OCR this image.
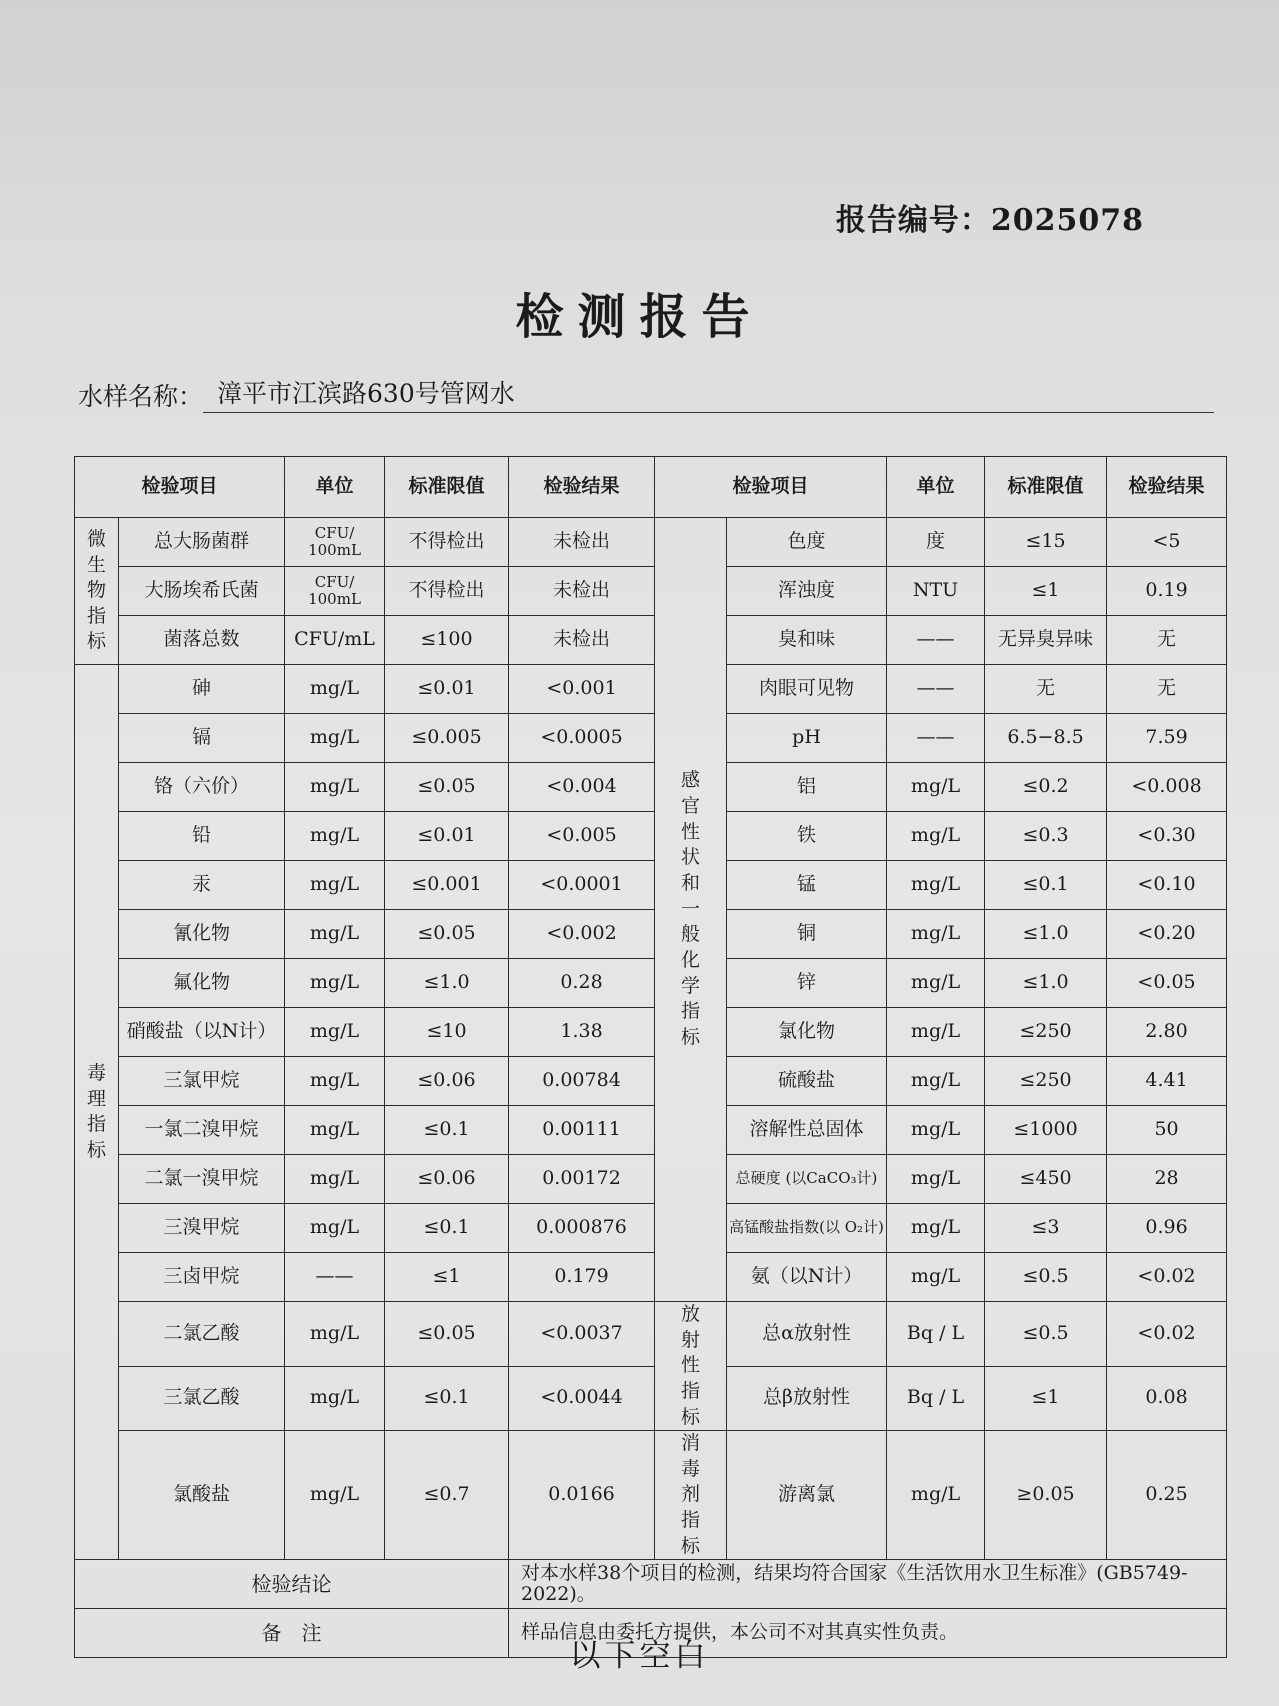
报告编号：2025078
检测报告
水样名称： 漳平市江滨路630号管网水
检验项目		单位	标准限值	检验结果	检验项目		单位	标准限值	检验结果

微生物指标	总大肠菌群	CFU/ 100mL	不得检出	未检出	感官性状和一般化学指标	色度	度	≤15	<5
	大肠埃希氏菌	CFU/ 100mL	不得检出	未检出		浑浊度	NTU	≤1	0.19
	菌落总数	CFU/mL	≤100	未检出		臭和味	——	无异臭异味	无

毒理指标	砷	mg/L	≤0.01	<0.001		肉眼可见物	——	无	无
	镉	mg/L	≤0.005	<0.0005		pH	——	6.5−8.5	7.59
	铬（六价）	mg/L	≤0.05	<0.004		铝	mg/L	≤0.2	<0.008
	铅	mg/L	≤0.01	<0.005		铁	mg/L	≤0.3	<0.30
	汞	mg/L	≤0.001	<0.0001		锰	mg/L	≤0.1	<0.10
	氰化物	mg/L	≤0.05	<0.002		铜	mg/L	≤1.0	<0.20
	氟化物	mg/L	≤1.0	0.28		锌	mg/L	≤1.0	<0.05
	硝酸盐（以N计）	mg/L	≤10	1.38		氯化物	mg/L	≤250	2.80
	三氯甲烷	mg/L	≤0.06	0.00784		硫酸盐	mg/L	≤250	4.41
	一氯二溴甲烷	mg/L	≤0.1	0.00111		溶解性总固体	mg/L	≤1000	50
	二氯一溴甲烷	mg/L	≤0.06	0.00172		总硬度 (以CaCO₃计)	mg/L	≤450	28
	三溴甲烷	mg/L	≤0.1	0.000876		高锰酸盐指数(以 O₂计)	mg/L	≤3	0.96
	三卤甲烷	——	≤1	0.179		氨（以N计）	mg/L	≤0.5	<0.02
	二氯乙酸	mg/L	≤0.05	<0.0037	放射性指标	总α放射性	Bq / L	≤0.5	<0.02
	三氯乙酸	mg/L	≤0.1	<0.0044		总β放射性	Bq / L	≤1	0.08
	氯酸盐	mg/L	≤0.7	0.0166	消毒剂指标	游离氯	mg/L	≥0.05	0.25
检验结论				对本水样38个项目的检测，结果均符合国家《生活饮用水卫生标准》(GB5749-2022)。					
备　注				样品信息由委托方提供，本公司不对其真实性负责。					
以下空白
